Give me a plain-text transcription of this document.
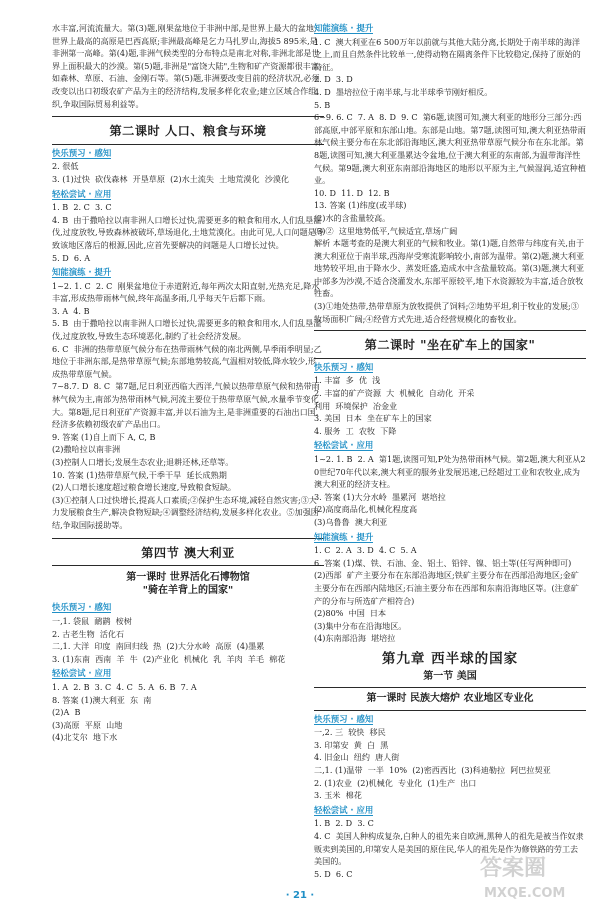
水丰富,河流流量大。第(3)题,刚果盆地位于非洲中部,是世界上最大的盆地;世界上最高的高原是巴西高原;非洲最高峰是乞力马扎罗山,海拔5 895米,是非洲第一高峰。第(4)题,非洲气候类型的分布特点是南北对称,非洲北部是世界上面积最大的沙漠。第(5)题,非洲是"富饶大陆",生物和矿产资源都很丰富,如森林、草原、石油、金刚石等。第(5)题,非洲要改变目前的经济状况,必须改变以出口初级农矿产品为主的经济结构,发展多样化农业;建立区域合作组织,争取国际贸易利益等。

第二课时 人口、粮食与环境
快乐预习 · 感知

2. 很低

3. (1)过快  砍伐森林  开垦草原  (2)水土流失  土地荒漠化  沙漠化

轻松尝试 · 应用

1. B  2. C  3. C

4. B  由于撒哈拉以南非洲人口增长过快,需要更多的粮食和用水,人们乱垦滥伐,过度放牧,导致森林被破坏,草场退化,土地荒漠化。由此可见,人口问题是导致该地区落后的根源,因此,应首先要解决的问题是人口增长过快。

5. D  6. A

知能演练 · 提升

1~2. 1. C  2. C  刚果盆地位于赤道附近,每年两次太阳直射,光热充足,降水丰富,形成热带雨林气候,终年高温多雨,几乎每天午后都下雨。

3. A  4. B

5. B  由于撒哈拉以南非洲人口增长过快,需要更多的粮食和用水,人们乱垦滥伐,过度放牧,导致生态环境恶化,制约了社会经济发展。

6. C  非洲的热带草原气候分布在热带雨林气候的南北两侧,旱季雨季明显;乙地位于非洲东部,是热带草原气候;东部地势较高,气温相对较低,降水较少,形成热带草原气候。

7~8.7. D  8. C  第7题,尼日利亚西临大西洋,气候以热带草原气候和热带雨林气候为主,南部为热带雨林气候,河流主要位于热带草原气候,水量季节变化大。第8题,尼日利亚矿产资源丰富,并以石油为主,是非洲重要的石油出口国,经济多依赖初级农矿产品出口。

9. 答案 (1)自上而下 A, C, B

(2)撒哈拉以南非洲

(3)控制人口增长;发展生态农业;退耕还林,还草等。

10. 答案 (1)热带草原气候,干季干旱  延长成熟期

(2)人口增长速度超过粮食增长速度,导致粮食短缺。

(3)①控制人口过快增长,提高人口素质;②保护生态环境,减轻自然灾害;③大力发展粮食生产,解决食物短缺;④调整经济结构,发展多样化农业。⑤加强团结,争取国际援助等。

第四节 澳大利亚
第一课时 世界活化石博物馆
"骑在羊背上的国家"
快乐预习 · 感知

一,1. 袋鼠  鸸鹋  桉树

2. 古老生物  活化石

二,1. 大洋  印度  南回归线  热  (2)大分水岭  高原  (4)墨累

3. (1)东南  西南  羊  牛  (2)产业化  机械化  乳  羊肉  羊毛  棉花

轻松尝试 · 应用

1. A  2. B  3. C  4. C  5. A  6. B  7. A

8. 答案 (1)澳大利亚  东  南

(2)A  B

(3)高原  平原  山地

(4)北艾尔  地下水

知能演练 · 提升

1. C  澳大利亚在6 500万年以前就与其他大陆分离,长期处于南半球的海洋之上,而且自然条件比较单一,使得动物在隔离条件下比较稳定,保持了原始的特征。

2. D  3. D

4. D  墨培拉位于南半球,与北半球季节刚好相反。

5. B

6~9. 6. C  7. A  8. D  9. C  第6题,读图可知,澳大利亚的地形分三部分:西部高原,中部平原和东部山地。东部是山地。第7题,读图可知,澳大利亚热带雨林气候主要分布在东北部沿海地区,澳大利亚热带草原气候分布在东北部。第8题,读图可知,澳大利亚墨累达令盆地,位于澳大利亚的东南部,为温带海洋性气候。第9题,澳大利亚东南部沿海地区的地形以平原为主,气候湿润,适宜种植业。

10. D  11. D  12. B

13. 答案 (1)纬度(或半球)

(2)水的含盐量较高。

(3)②  这里地势低平,气候适宜,草场广阔

解析 本题考查的是澳大利亚的气候和牧业。第(1)题,自然带与纬度有关,由于澳大利亚位于南半球,西海岸受寒流影响较小,南部为温带。第(2)题,澳大利亚地势较平坦,由于降水少、蒸发旺盛,造成水中含盐量较高。第(3)题,澳大利亚中部多为沙漠,不适合浇灌发水,东部平原较平,地下水资源较为丰富,适合放牧牲畜。

(3)①地处热带,热带草原为放牧提供了饲料;②地势平坦,利于牧业的发展;③牧场面积广阔;④经营方式先进,适合经营规模化的畜牧业。

第二课时 "坐在矿车上的国家"
快乐预习 · 感知

1. 丰富  多  优  浅

2. 丰富的矿产资源  大  机械化  自动化  开采

利用  环境保护  冶金业

3. 美国  日本  坐在矿车上的国家

4. 服务  工  农牧  下降

轻松尝试 · 应用

1~2. 1. B  2. A  第1题,读图可知,P处为热带雨林气候。第2题,澳大利亚从20世纪70年代以来,澳大利亚的服务业发展迅速,已经超过工业和农牧业,成为澳大利亚的经济支柱。

3. 答案 (1)大分水岭  墨累河  堪培拉

(2)高度商品化,机械化程度高

(3)乌鲁鲁  澳大利亚

知能演练 · 提升

1. C  2. A  3. D  4. C  5. A

6. 答案 (1)煤、铁、石油、金、铝土、铅锌、镍、铝土等(任写两种即可)  (2)西部  矿产主要分布在东部沿海地区;铁矿主要分布在西部沿海地区;金矿主要分布在西部内陆地区;石油主要分布在西部和东南沿海地区等。(注意矿产的分布与所选矿产相符合)

(2)80%  中国  日本

(3)集中分布在沿海地区。

(4)东南部沿海  堪培拉

第九章 西半球的国家
第一节 美国
第一课时 民族大熔炉 农业地区专业化
快乐预习 · 感知

一,2. 三  较快  移民

3. 印第安  黄  白  黑

4. 旧金山  纽约  唐人街

二,1. (1)温带  一半  10%  (2)密西西比  (3)科迪勒拉  阿巴拉契亚

2. (1)农业  (2)机械化  专业化  (1)生产  出口

3. 玉米  棉花

轻松尝试 · 应用

1. B  2. D  3. C

4. C  美国人种构成复杂,白种人的祖先来自欧洲,黑种人的祖先是被当作奴隶贩卖到美国的,印第安人是美国的原住民,华人的祖先是作为修铁路的劳工去美国的。

5. D  6. C

· 21 ·
答案圈
MXQE.COM
